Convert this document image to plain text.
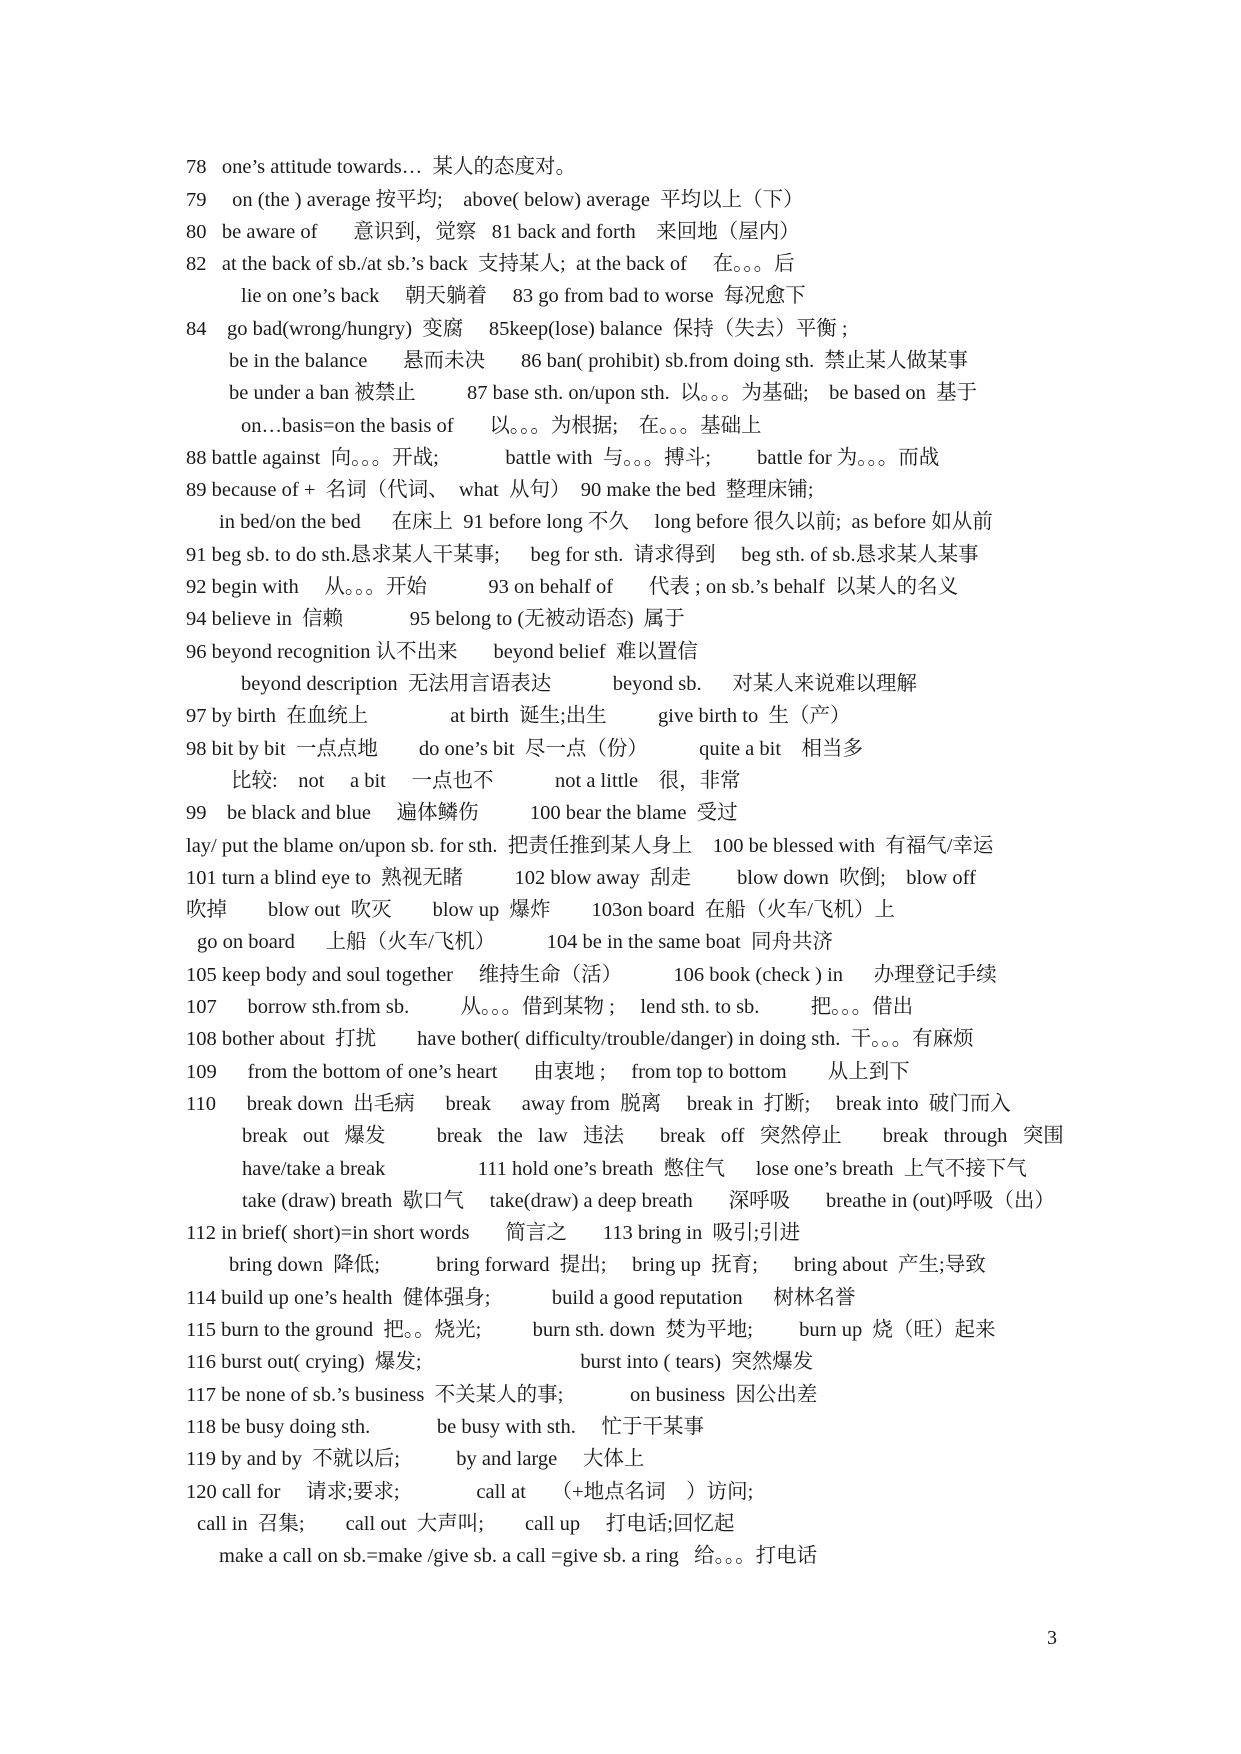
78   one’s attitude towards…  某人的态度对。
79     on (the ) average 按平均;    above( below) average  平均以上（下）
80   be aware of       意识到，觉察   81 back and forth    来回地（屋内）
82   at the back of sb./at sb.’s back  支持某人;  at the back of     在。。。后
lie on one’s back     朝天躺着     83 go from bad to worse  每况愈下
84    go bad(wrong/hungry)  变腐     85keep(lose) balance  保持（失去）平衡 ;
be in the balance       悬而未决       86 ban( prohibit) sb.from doing sth.  禁止某人做某事
be under a ban 被禁止          87 base sth. on/upon sth.  以。。。为基础;    be based on  基于
on…basis=on the basis of       以。。。为根据;    在。。。基础上
88 battle against  向。。。开战;             battle with  与。。。搏斗;         battle for 为。。。而战
89 because of +  名词（代词、  what  从句）  90 make the bed  整理床铺;
in bed/on the bed      在床上  91 before long 不久     long before 很久以前;  as before 如从前
91 beg sb. to do sth.恳求某人干某事;      beg for sth.  请求得到     beg sth. of sb.恳求某人某事
92 begin with     从。。。开始            93 on behalf of       代表 ; on sb.’s behalf  以某人的名义
94 believe in  信赖             95 belong to (无被动语态)  属于
96 beyond recognition 认不出来       beyond belief  难以置信
beyond description  无法用言语表达            beyond sb.      对某人来说难以理解
97 by birth  在血统上                at birth  诞生;出生          give birth to  生（产）
98 bit by bit  一点点地        do one’s bit  尽一点（份）          quite a bit    相当多
比较:    not     a bit     一点也不            not a little    很，非常
99    be black and blue     遍体鳞伤          100 bear the blame  受过
lay/ put the blame on/upon sb. for sth.  把责任推到某人身上    100 be blessed with  有福气/幸运
101 turn a blind eye to  熟视无睹          102 blow away  刮走         blow down  吹倒;    blow off
吹掉        blow out  吹灭        blow up  爆炸        103on board  在船（火车/飞机）上
go on board      上船（火车/飞机）          104 be in the same boat  同舟共济
105 keep body and soul together     维持生命（活）          106 book (check ) in      办理登记手续
107      borrow sth.from sb.          从。。。借到某物 ;     lend sth. to sb.          把。。。借出
108 bother about  打扰        have bother( difficulty/trouble/danger) in doing sth.  干。。。有麻烦
109      from the bottom of one’s heart       由衷地 ;     from top to bottom        从上到下
110      break down  出毛病      break      away from  脱离     break in  打断;     break into  破门而入
break   out   爆发          break   the   law   违法       break   off   突然停止        break   through   突围
have/take a break                  111 hold one’s breath  憋住气      lose one’s breath  上气不接下气
take (draw) breath  歇口气     take(draw) a deep breath       深呼吸       breathe in (out)呼吸（出）
112 in brief( short)=in short words       简言之       113 bring in  吸引;引进
bring down  降低;           bring forward  提出;     bring up  抚育;       bring about  产生;导致
114 build up one’s health  健体强身;            build a good reputation      树林名誉
115 burn to the ground  把。。烧光;          burn sth. down  焚为平地;         burn up  烧（旺）起来
116 burst out( crying)  爆发;                               burst into ( tears)  突然爆发
117 be none of sb.’s business  不关某人的事;             on business  因公出差
118 be busy doing sth.             be busy with sth.     忙于干某事
119 by and by  不就以后;           by and large     大体上
120 call for     请求;要求;               call at     （+地点名词    ）访问;
call in  召集;        call out  大声叫;        call up     打电话;回忆起
make a call on sb.=make /give sb. a call =give sb. a ring   给。。。打电话
3
